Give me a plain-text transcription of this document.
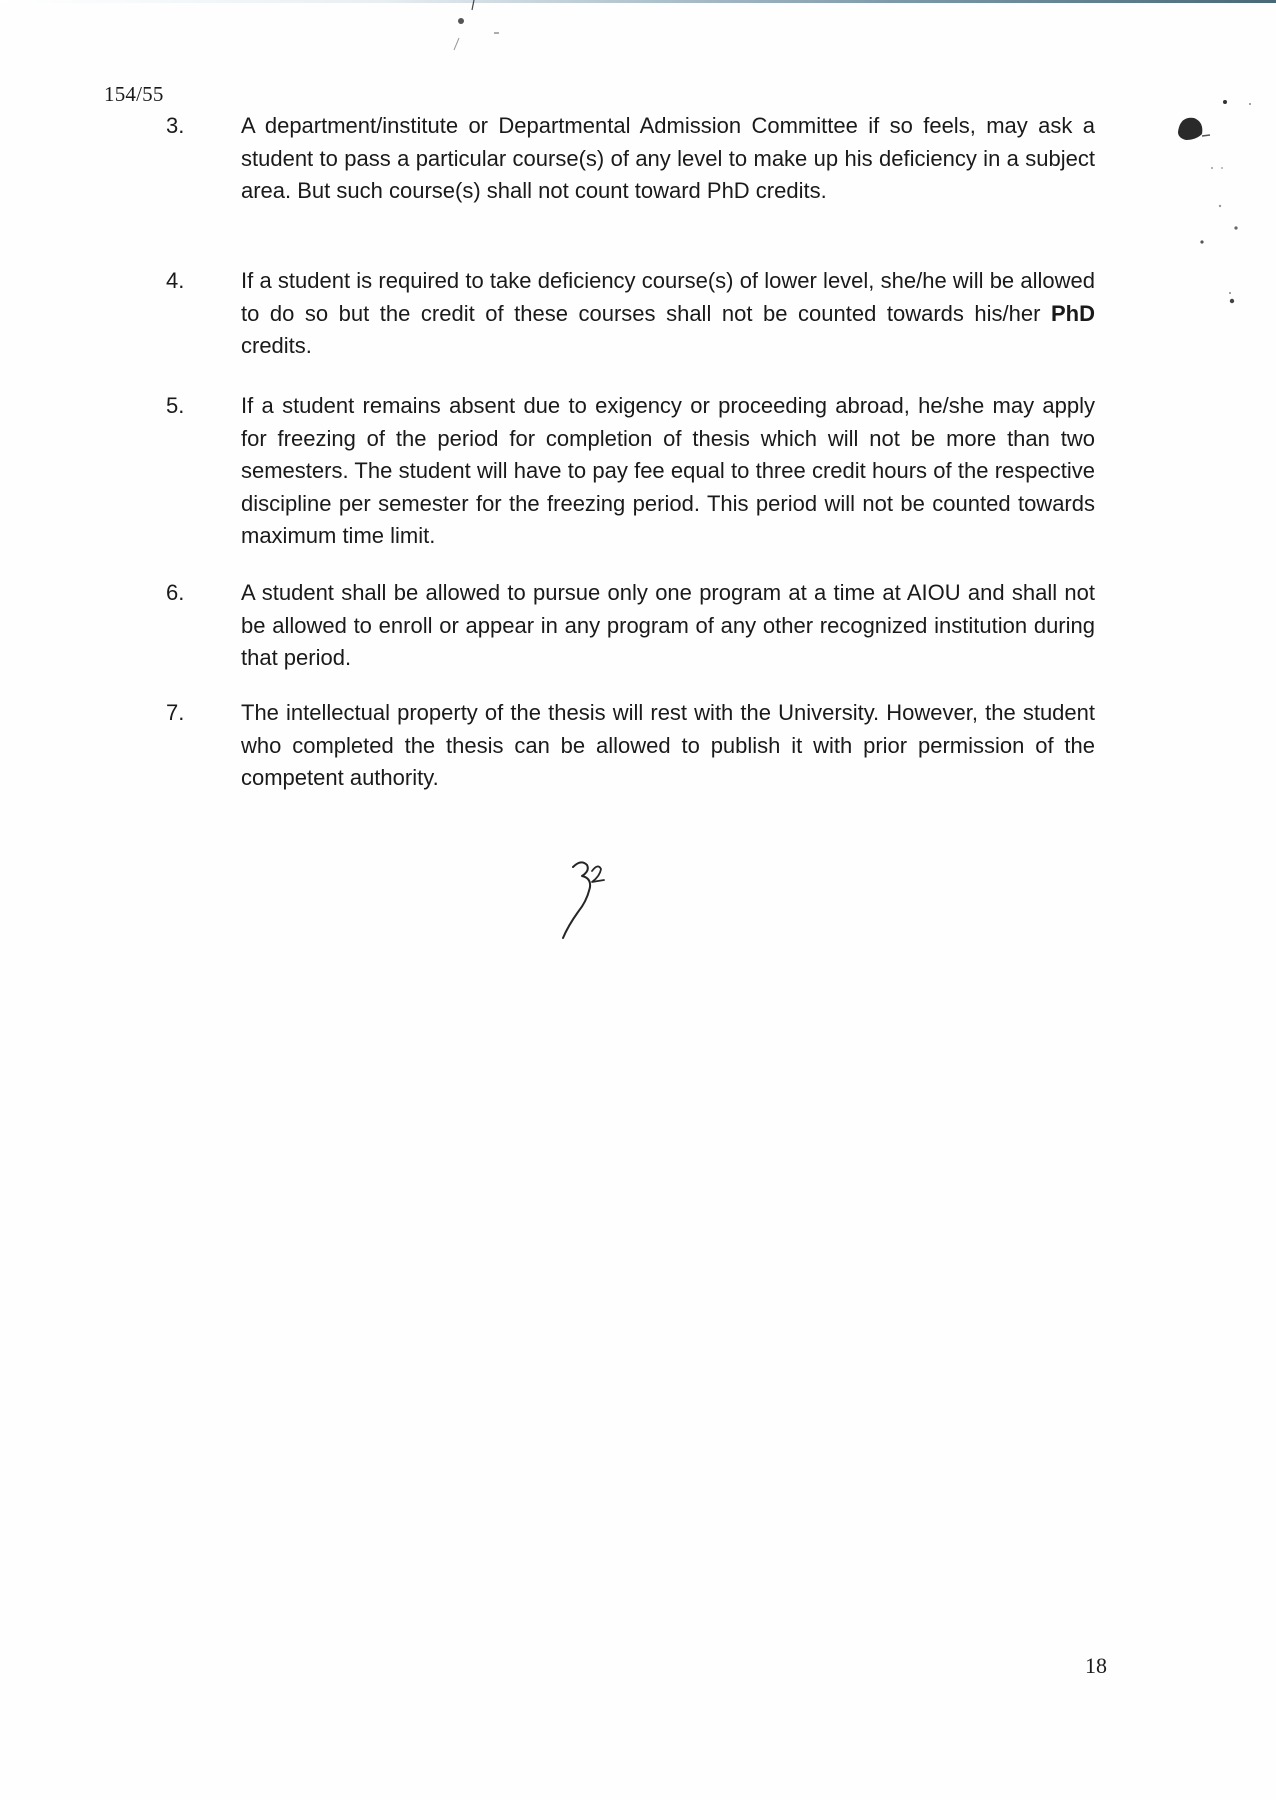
154/55
3.	A department/institute or Departmental Admission Committee if so feels, may ask a student to pass a particular course(s) of any level to make up his deficiency in a subject area. But such course(s) shall not count toward PhD credits.

4.	If a student is required to take deficiency course(s) of lower level, she/he will be allowed to do so but the credit of these courses shall not be counted towards his/her PhD credits.

5.	If a student remains absent due to exigency or proceeding abroad, he/she may apply for freezing of the period for completion of thesis which will not be more than two semesters. The student will have to pay fee equal to three credit hours of the respective discipline per semester for the freezing period. This period will not be counted towards maximum time limit.

6.	A student shall be allowed to pursue only one program at a time at AIOU and shall not be allowed to enroll or appear in any program of any other recognized institution during that period.

7.	The intellectual property of the thesis will rest with the University. However, the student who completed the thesis can be allowed to publish it with prior permission of the competent authority.

18
